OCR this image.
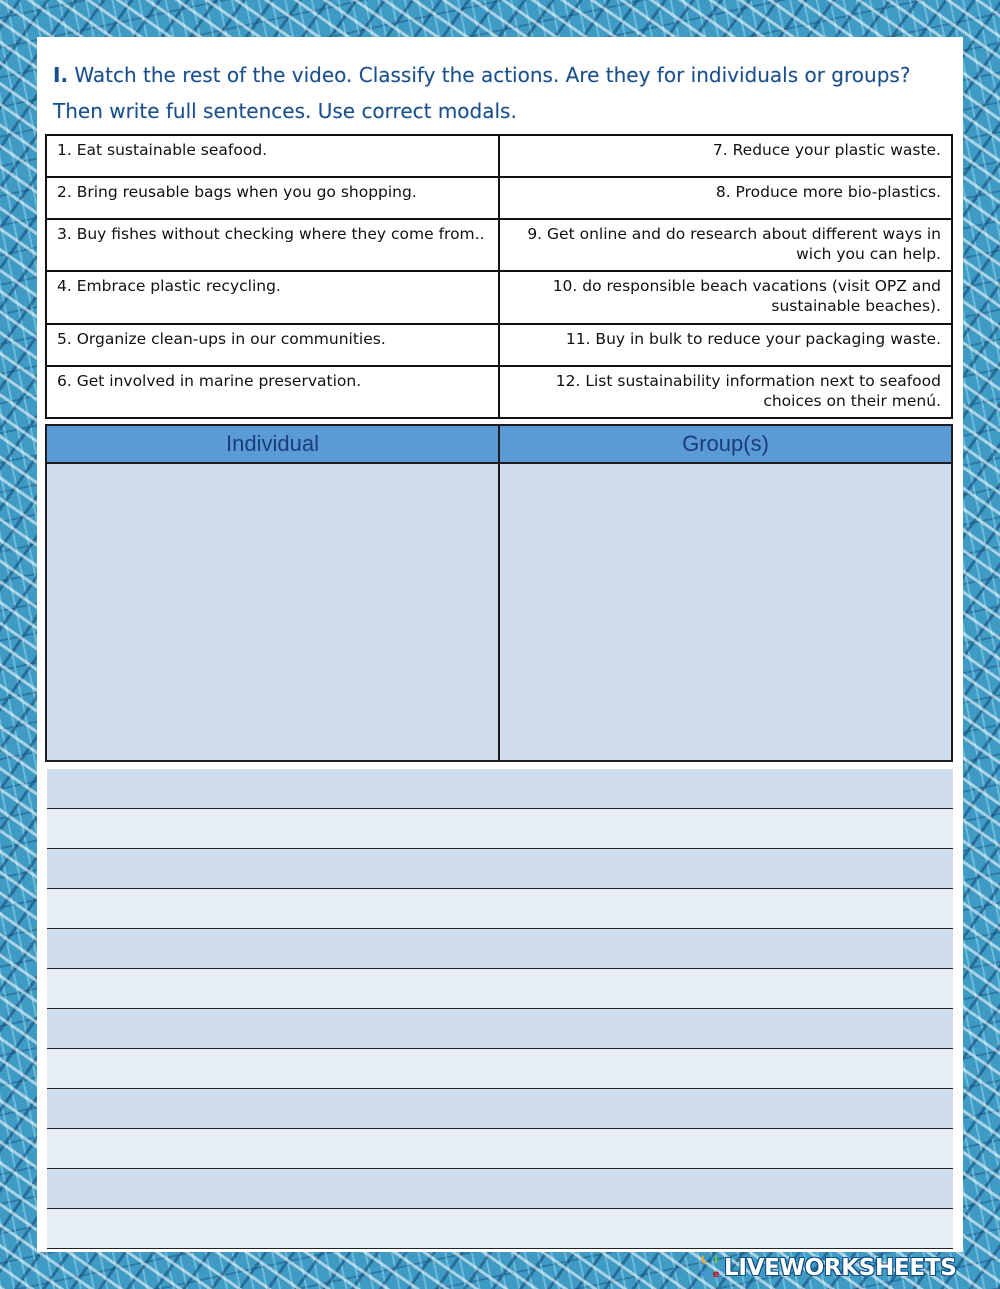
I. Watch the rest of the video. Classify the actions. Are they for individuals or groups?
Then write full sentences. Use correct modals.
1. Eat sustainable seafood.	7. Reduce your plastic waste.
2. Bring reusable bags when you go shopping.	8. Produce more bio-plastics.
3. Buy fishes without checking where they come from..	9. Get online and do research about different ways in wich you can help.
4. Embrace plastic recycling.	10. do responsible beach vacations (visit OPZ and sustainable beaches).
5. Organize clean-ups in our communities.	11. Buy in bulk to reduce your packaging waste.
6. Get involved in marine preservation.	12. List sustainability information next to seafood choices on their menú.
Individual	Group(s)

L i
v e LIVEWORKSHEETS
